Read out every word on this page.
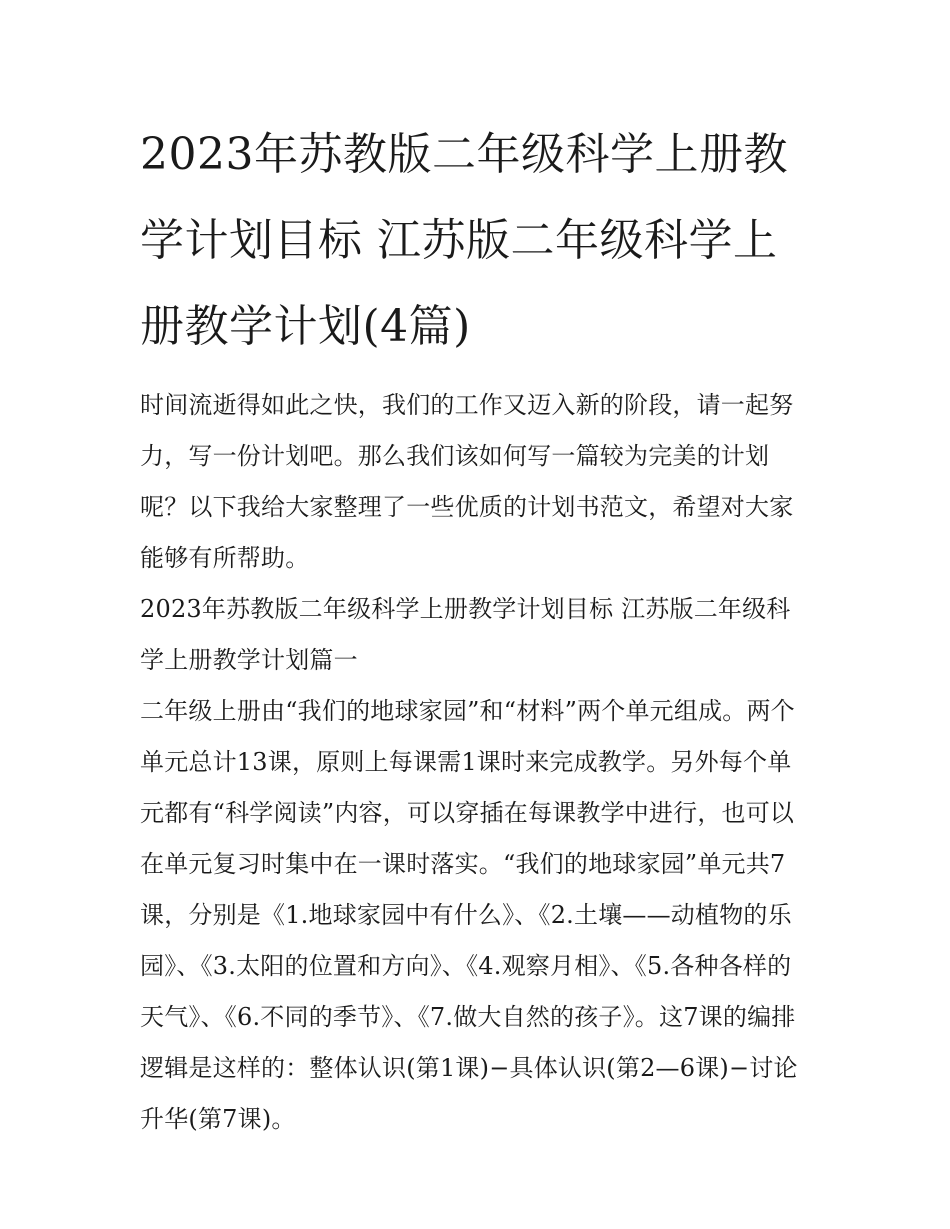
2023年苏教版二年级科学上册教学计划目标 江苏版二年级科学上册教学计划(4篇)

时间流逝得如此之快，我们的工作又迈入新的阶段，请一起努力，写一份计划吧。那么我们该如何写一篇较为完美的计划呢？以下我给大家整理了一些优质的计划书范文，希望对大家能够有所帮助。

2023年苏教版二年级科学上册教学计划目标 江苏版二年级科学上册教学计划篇一

二年级上册由“我们的地球家园”和“材料”两个单元组成。两个单元总计13课，原则上每课需1课时来完成教学。另外每个单元都有“科学阅读”内容，可以穿插在每课教学中进行，也可以在单元复习时集中在一课时落实。“我们的地球家园”单元共7课，分别是《1.地球家园中有什么》、《2.土壤——动植物的乐园》、《3.太阳的位置和方向》、《4.观察月相》、《5.各种各样的天气》、《6.不同的季节》、《7.做大自然的孩子》。这7课的编排逻辑是这样的：整体认识(第1课)−具体认识(第2—6课)−讨论升华(第7课)。
